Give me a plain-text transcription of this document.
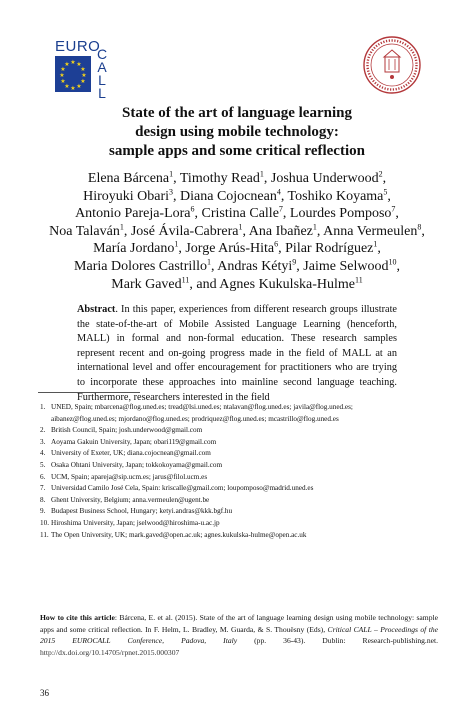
EURO
★ ★
★
★
★
★
★
★
★
★
★
★
C
A
L
L
State of the art of language learning
design using mobile technology:
sample apps and some critical reflection
Elena Bárcena$^1$, Timothy Read$^1$, Joshua Underwood$^2$,
Hiroyuki Obari$^3$, Diana Cojocnean$^4$, Toshiko Koyama$^5$,
Antonio Pareja-Lora$^6$, Cristina Calle$^7$, Lourdes Pomposo$^7$,
Noa Talaván$^1$, José Ávila-Cabrera$^1$, Ana Ibañez$^1$, Anna Vermeulen$^8$,
María Jordano$^1$, Jorge Arús-Hita$^6$, Pilar Rodríguez$^1$,
Maria Dolores Castrillo$^1$, Andras Kétyi$^9$, Jaime Selwood$^{10}$,
Mark Gaved$^{11}$, and Agnes Kukulska-Hulme$^{11}$
Abstract. In this paper, experiences from different research groups illustrate the state-of-the-art of Mobile Assisted Language Learning (henceforth, MALL) in formal and non-formal education. These research samples represent recent and on-going progress made in the field of MALL at an international level and offer encouragement for practitioners who are trying to incorporate these approaches into mainline second language teaching. Furthermore, researchers interested in the field
1. UNED, Spain; mbarcena@flog.uned.es; tread@lsi.uned.es; ntalavan@flog.uned.es; javila@flog.uned.es;
aibanez@flog.uned.es; mjordano@flog.uned.es; prodriquez@flog.uned.es; mcastrillo@flog.uned.es
2. British Council, Spain; josh.underwood@gmail.com
3. Aoyama Gakuin University, Japan; obari119@gmail.com
4. University of Exeter, UK; diana.cojocnean@gmail.com
5. Osaka Ohtani University, Japan; tokkokoyama@gmail.com
6. UCM, Spain; apareja@sip.ucm.es; jarus@filol.ucm.es
7. Universidad Camilo José Cela, Spain: kriscalle@gmail.com; loupomposo@madrid.uned.es
8. Ghent University, Belgium; anna.vermeulen@ugent.be
9. Budapest Business School, Hungary; ketyi.andras@kkk.bgf.hu
10. Hiroshima University, Japan; jselwood@hiroshima-u.ac.jp
11. The Open University, UK; mark.gaved@open.ac.uk; agnes.kukulska-hulme@open.ac.uk
How to cite this article: Bárcena, E. et al. (2015). State of the art of language learning design using mobile technology: sample apps and some critical reflection. In F. Helm, L. Bradley, M. Guarda, & S. Thouësny (Eds), Critical CALL – Proceedings of the 2015 EUROCALL Conference, Padova, Italy (pp. 36-43). Dublin: Research-publishing.net. http://dx.doi.org/10.14705/rpnet.2015.000307
36
